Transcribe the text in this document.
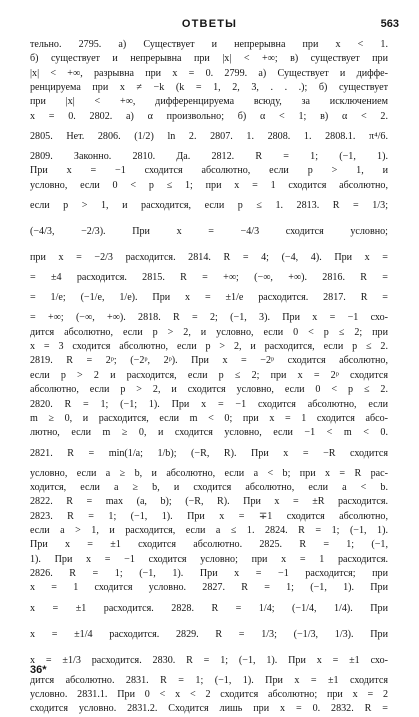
ОТВЕТЫ	563
тельно. 2795. а) Существует и непрерывна при x < 1.
б) существует и непрерывна при |x| < +∞; в) существует при
|x| < +∞, разрывна при x = 0. 2799. а) Существует и диффе-
ренцируема при x ≠ −k (k = 1, 2, 3, . . .); б) существует
при |x| < +∞, дифференцируема всюду, за исключением
x = 0. 2802. а) α произвольно; б) α < 1; в) α < 2.
2805. Нет. 2806. (1/2) ln 2. 2807. 1. 2808. 1. 2808.1. π⁴/6.
2809. Законно. 2810. Да. 2812. R = 1; (−1, 1).
При x = −1 сходится абсолютно, если p > 1, и
условно, если 0 < p ≤ 1; при x = 1 сходится абсолютно,
если p > 1, и расходится, если p ≤ 1. 2813. R = 1/3;
(−4/3, −2/3). При x = −4/3 сходится условно;
при x = −2/3 расходится. 2814. R = 4; (−4, 4). При x =
= ±4 расходится. 2815. R = +∞; (−∞, +∞). 2816. R =
= 1/e; (−1/e, 1/e). При x = ±1/e расходится. 2817. R =
= +∞; (−∞, +∞). 2818. R = 2; (−1, 3). При x = −1 схо-
дится абсолютно, если p > 2, и условно, если 0 < p ≤ 2; при
x = 3 сходится абсолютно, если p > 2, и расходится, если p ≤ 2.
2819. R = 2ᵖ; (−2ᵖ, 2ᵖ). При x = −2ᵖ сходится абсолютно,
если p > 2 и расходится, если p ≤ 2; при x = 2ᵖ сходится
абсолютно, если p > 2, и сходится условно, если 0 < p ≤ 2.
2820. R = 1; (−1; 1). При x = −1 сходится абсолютно, если
m ≥ 0, и расходится, если m < 0; при x = 1 сходится абсо-
лютно, если m ≥ 0, и сходится условно, если −1 < m < 0.
2821. R = min(1/a; 1/b); (−R, R). При x = −R сходится
условно, если a ≥ b, и абсолютно, если a < b; при x = R рас-
ходится, если a ≥ b, и сходится абсолютно, если a < b.
2822. R = max (a, b); (−R, R). При x = ±R расходится.
2823. R = 1; (−1, 1). При x = ∓1 сходится абсолютно,
если a > 1, и расходится, если a ≤ 1. 2824. R = 1; (−1, 1).
При x = ±1 сходится абсолютно. 2825. R = 1; (−1,
1). При x = −1 сходится условно; при x = 1 расходится.
2826. R = 1; (−1, 1). При x = −1 расходится; при
x = 1 сходится условно. 2827. R = 1; (−1, 1). При
x = ±1 расходится. 2828. R = 1/4; (−1/4, 1/4). При
x = ±1/4 расходится. 2829. R = 1/3; (−1/3, 1/3). При
x = ±1/3 расходится. 2830. R = 1; (−1, 1). При x = ±1 схо-
дится абсолютно. 2831. R = 1; (−1, 1). При x = ±1 сходится
условно. 2831.1. При 0 < x < 2 сходится абсолютно; при x = 2
сходится условно. 2831.2. Сходится лишь при x = 0. 2832. R =
36*
